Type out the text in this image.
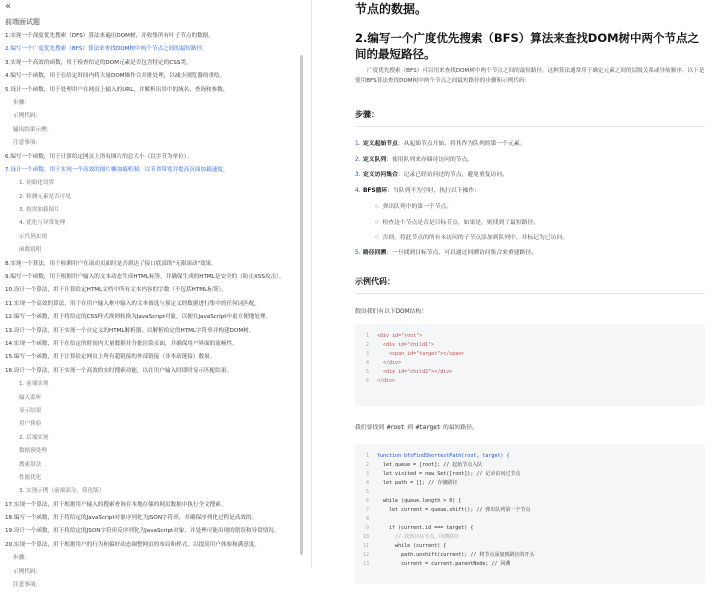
«
前端面试题
1.实现一个深度优先搜索（DFS）算法来遍历DOM树，并收集所有叶子节点的数据。
2.编写一个广度优先搜索（BFS）算法来查找DOM树中两个节点之间的最短路径。
3.实现一个高效的函数，用于检查给定的DOM元素是否包含特定的CSS类。
4.编写一个函数，用于在给定时间内将大量DOM操作合并批处理，以减少浏览器的重绘。
5.设计一个函数，用于处理用户在网页上输入的URL，并解析出其中的域名、查询和参数。
步骤：
示例代码：
输出结果示例：
注意事项：
6.编写一个函数，用于计算给定网页上所有图片的总大小（以字节为单位）。
7.设计一个函数，用于实现一个高效的图片懒加载机制，以节省带宽并提高页面加载速度。
1. 初始化设置
2. 检测元素是否可见
3. 按需加载图片
4. 优化与异常处理
示代码实现
函数说明
8.实现一个算法，用于检测用户在滚动页面时是否到达了接口底部的"无限滚动"效果。
9.编写一个函数，用于根据用户输入的文本动态生成HTML标签，并确保生成的HTML是安全的（防止XSS攻击）。
10.设计一个算法，用于计算给定HTML文档中所有文本内容的字数（不包括HTML标签）。
11.实现一个高效的算法，用于在用户输入框中输入的文本备选与预定义的数据进行集中的任何词匹配。
12.编写一个函数，用于将给定的CSS样式规则转换为JavaScript对象，以便在JavaScript中更方便地处理。
13.设计一个算法，用于实现一个自定义的HTML解析器，以解析给定的HTML字符串并构建DOM树。
14.实现一个函数，用于在给定的时间内大量数据并分批渲染页面，并确保用户界面的流畅性。
15.编写一个函数，用于计算给定网页上所有超链接的外部链接（非本站链接）数量。
16.设计一个算法，用于实现一个高效的实时搜索功能，以在用户输入时即时显示匹配结果。
1. 前端实现
输入监听
显示结果
用户体验
2. 后端实现
数据预处理
搜索算法
性能优化
3. 实现示例（前端部分，简化版）
17.实现一个算法，用于根据用户输入的搜索查询在本地存储的网页数据中执行全文搜索。
18.编写一个函数，用于将给定的JavaScript对象序列化为JSON字符串，并确保序列化过程是高效的。
19.设计一个函数，用于将给定的JSON字符串反序列化为JavaScript对象，并处理可能出现的错误和异常情况。
20.实现一个算法，用于根据用户的行为和偏好动态调整网页的布局和样式，以提高用户体验和满意度。
步骤：
示例代码：
注意事项：
节点的数据。
2.编写一个广度优先搜索（BFS）算法来查找DOM树中两个节点之间的最短路径。
广度优先搜索（BFS）可以用来查找DOM树中两个节点之间的最短路径。这种算法通常用于确定元素之间的层级关系或导航顺序。以下是使用BFS算法查找DOM树中两个节点之间最短路径的步骤和示例代码：
步骤：
1. 定义起始节点：从起始节点开始，将其作为队列的第一个元素。
2. 定义队列：使用队列来存储待访问的节点。
3. 定义访问集合：记录已经访问过的节点，避免重复访问。
4. BFS循环：当队列不为空时，执行以下操作：
○ 弹出队列中的第一个节点。
○ 检查这个节点是否是目标节点，如果是，则找到了最短路径。
○ 否则，将此节点的所有未访问的子节点添加到队列中，并标记为已访问。
5. 路径回溯：一旦找到目标节点，可以通过回溯访问集合来重建路径。
示例代码：
假设我们有以下DOM结构：
1 <div id="root">
2  <div id="child1">
3    <span id="target"></span>
4  </div>
5  <div id="child2"></div>
6 </div>
我们要找到 #root 到 #target 的最短路径。
1 function bfsFindShortestPath(root, target) {
2  let queue = [root]; // 起始节点入队
3  let visited = new Set([root]); // 记录访问过节点
4  let path = []; // 存储路径
5
6  while (queue.length > 0) {
7    let current = queue.shift(); // 弹出队列第一个节点
8
9    if (current.id === target) {
10      // 找到目标节点，回溯路径
11      while (current) {
12        path.unshift(current); // 将节点添加到路径的开头
13        current = current.parentNode; // 回溯
